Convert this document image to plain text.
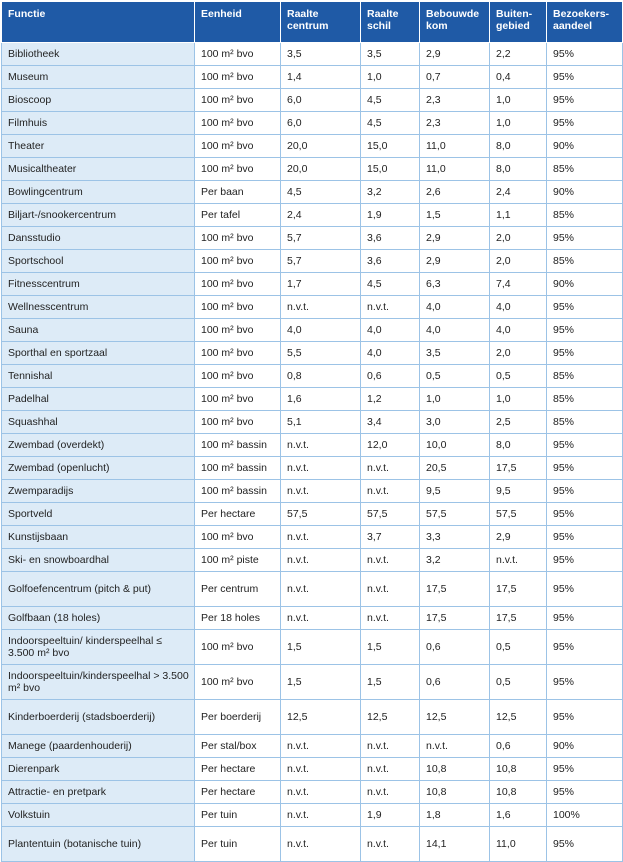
Functie	Eenheid	Raalte centrum	Raalte schil	Bebouwde kom	Buiten- gebied	Bezoekers- aandeel
Bibliotheek	100 m² bvo	3,5	3,5	2,9	2,2	95%
Museum	100 m² bvo	1,4	1,0	0,7	0,4	95%
Bioscoop	100 m² bvo	6,0	4,5	2,3	1,0	95%
Filmhuis	100 m² bvo	6,0	4,5	2,3	1,0	95%
Theater	100 m² bvo	20,0	15,0	11,0	8,0	90%
Musicaltheater	100 m² bvo	20,0	15,0	11,0	8,0	85%
Bowlingcentrum	Per baan	4,5	3,2	2,6	2,4	90%
Biljart-/snookercentrum	Per tafel	2,4	1,9	1,5	1,1	85%
Dansstudio	100 m² bvo	5,7	3,6	2,9	2,0	95%
Sportschool	100 m² bvo	5,7	3,6	2,9	2,0	85%
Fitnesscentrum	100 m² bvo	1,7	4,5	6,3	7,4	90%
Wellnesscentrum	100 m² bvo	n.v.t.	n.v.t.	4,0	4,0	95%
Sauna	100 m² bvo	4,0	4,0	4,0	4,0	95%
Sporthal en sportzaal	100 m² bvo	5,5	4,0	3,5	2,0	95%
Tennishal	100 m² bvo	0,8	0,6	0,5	0,5	85%
Padelhal	100 m² bvo	1,6	1,2	1,0	1,0	85%
Squashhal	100 m² bvo	5,1	3,4	3,0	2,5	85%
Zwembad (overdekt)	100 m² bassin	n.v.t.	12,0	10,0	8,0	95%
Zwembad (openlucht)	100 m² bassin	n.v.t.	n.v.t.	20,5	17,5	95%
Zwemparadijs	100 m² bassin	n.v.t.	n.v.t.	9,5	9,5	95%
Sportveld	Per hectare	57,5	57,5	57,5	57,5	95%
Kunstijsbaan	100 m² bvo	n.v.t.	3,7	3,3	2,9	95%
Ski- en snowboardhal	100 m² piste	n.v.t.	n.v.t.	3,2	n.v.t.	95%
Golfoefencentrum (pitch & put)	Per centrum	n.v.t.	n.v.t.	17,5	17,5	95%
Golfbaan (18 holes)	Per 18 holes	n.v.t.	n.v.t.	17,5	17,5	95%
Indoorspeeltuin/ kinderspeelhal ≤ 3.500 m² bvo	100 m² bvo	1,5	1,5	0,6	0,5	95%
Indoorspeeltuin/kinderspeelhal > 3.500 m² bvo	100 m² bvo	1,5	1,5	0,6	0,5	95%
Kinderboerderij (stadsboerderij)	Per boerderij	12,5	12,5	12,5	12,5	95%
Manege (paardenhouderij)	Per stal/box	n.v.t.	n.v.t.	n.v.t.	0,6	90%
Dierenpark	Per hectare	n.v.t.	n.v.t.	10,8	10,8	95%
Attractie- en pretpark	Per hectare	n.v.t.	n.v.t.	10,8	10,8	95%
Volkstuin	Per tuin	n.v.t.	1,9	1,8	1,6	100%
Plantentuin (botanische tuin)	Per tuin	n.v.t.	n.v.t.	14,1	11,0	95%
